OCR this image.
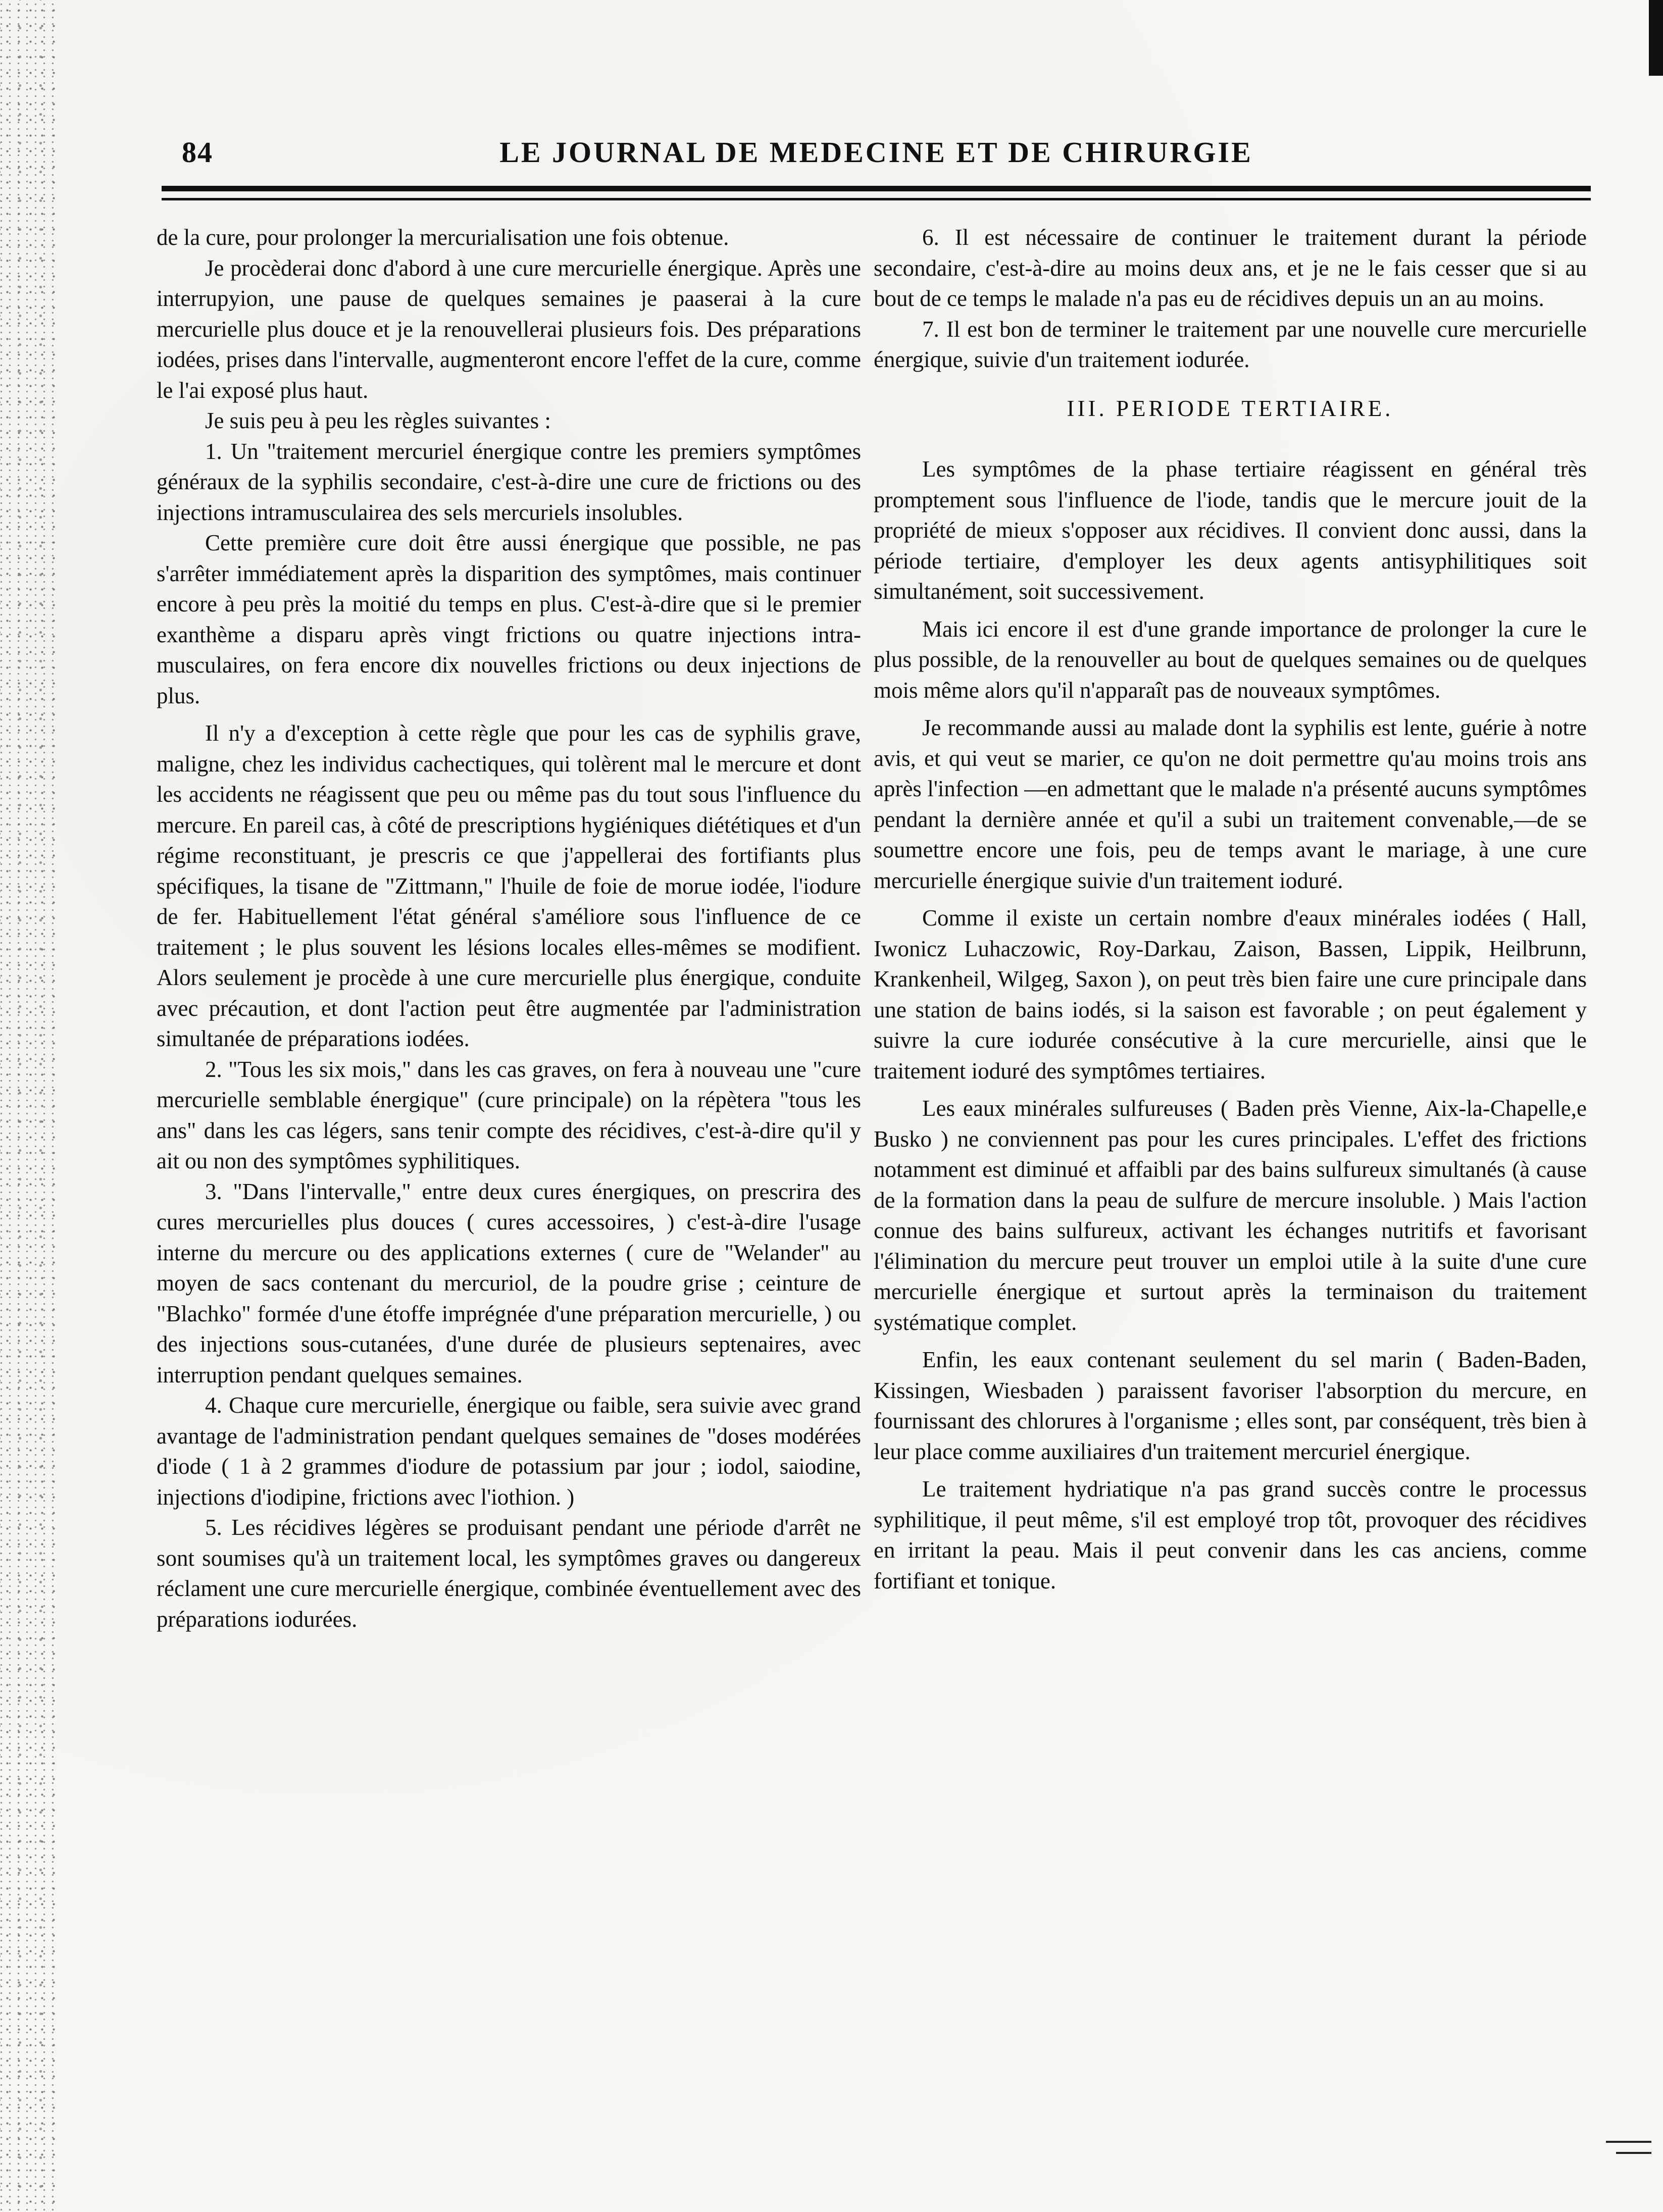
84	LE JOURNAL DE MEDECINE ET DE CHIRURGIE

de la cure, pour prolonger la mercurialisation une fois obtenue.

Je procèderai donc d'abord à une cure mercurielle énergique. Après une interrupyion, une pause de quelques semaines je paaserai à la cure mercurielle plus douce et je la renouvellerai plusieurs fois. Des préparations iodées, prises dans l'intervalle, augmenteront encore l'effet de la cure, comme le l'ai exposé plus haut.

Je suis peu à peu les règles suivantes :

1. Un "traitement mercuriel énergique contre les premiers symptômes généraux de la syphilis secondaire, c'est-à-dire une cure de frictions ou des injections intramusculairea des sels mercuriels insolubles.

Cette première cure doit être aussi énergique que possible, ne pas s'arrêter immédiatement après la disparition des symptômes, mais continuer encore à peu près la moitié du temps en plus. C'est-à-dire que si le premier exanthème a disparu après vingt frictions ou quatre injections intra-musculaires, on fera encore dix nouvelles frictions ou deux injections de plus.

Il n'y a d'exception à cette règle que pour les cas de syphilis grave, maligne, chez les individus cachectiques, qui tolèrent mal le mercure et dont les accidents ne réagissent que peu ou même pas du tout sous l'influence du mercure. En pareil cas, à côté de prescriptions hygiéniques diététiques et d'un régime reconstituant, je prescris ce que j'appellerai des fortifiants plus spécifiques, la tisane de "Zittmann," l'huile de foie de morue iodée, l'iodure de fer. Habituellement l'état général s'améliore sous l'influence de ce traitement ; le plus souvent les lésions locales elles-mêmes se modifient. Alors seulement je procède à une cure mercurielle plus énergique, conduite avec précaution, et dont l'action peut être augmentée par l'administration simultanée de préparations iodées.

2. "Tous les six mois," dans les cas graves, on fera à nouveau une "cure mercurielle semblable énergique" (cure principale) on la répètera "tous les ans" dans les cas légers, sans tenir compte des récidives, c'est-à-dire qu'il y ait ou non des symptômes syphilitiques.

3. "Dans l'intervalle," entre deux cures énergiques, on prescrira des cures mercurielles plus douces ( cures accessoires, ) c'est-à-dire l'usage interne du mercure ou des applications externes ( cure de "Welander" au moyen de sacs contenant du mercuriol, de la poudre grise ; ceinture de "Blachko" formée d'une étoffe imprégnée d'une préparation mercurielle, ) ou des injections sous-cutanées, d'une durée de plusieurs septenaires, avec interruption pendant quelques semaines.

4. Chaque cure mercurielle, énergique ou faible, sera suivie avec grand avantage de l'administration pendant quelques semaines de "doses modérées d'iode ( 1 à 2 grammes d'iodure de potassium par jour ; iodol, saiodine, injections d'iodipine, frictions avec l'iothion. )

5. Les récidives légères se produisant pendant une période d'arrêt ne sont soumises qu'à un traitement local, les symptômes graves ou dangereux réclament une cure mercurielle énergique, combinée éventuellement avec des préparations iodurées.

6. Il est nécessaire de continuer le traitement durant la période secondaire, c'est-à-dire au moins deux ans, et je ne le fais cesser que si au bout de ce temps le malade n'a pas eu de récidives depuis un an au moins.

7. Il est bon de terminer le traitement par une nouvelle cure mercurielle énergique, suivie d'un traitement iodurée.

III. PERIODE TERTIAIRE.

Les symptômes de la phase tertiaire réagissent en général très promptement sous l'influence de l'iode, tandis que le mercure jouit de la propriété de mieux s'opposer aux récidives. Il convient donc aussi, dans la période tertiaire, d'employer les deux agents antisyphilitiques soit simultanément, soit successivement.

Mais ici encore il est d'une grande importance de prolonger la cure le plus possible, de la renouveller au bout de quelques semaines ou de quelques mois même alors qu'il n'apparaît pas de nouveaux symptômes.

Je recommande aussi au malade dont la syphilis est lente, guérie à notre avis, et qui veut se marier, ce qu'on ne doit permettre qu'au moins trois ans après l'infection —en admettant que le malade n'a présenté aucuns symptômes pendant la dernière année et qu'il a subi un traitement convenable,—de se soumettre encore une fois, peu de temps avant le mariage, à une cure mercurielle énergique suivie d'un traitement ioduré.

Comme il existe un certain nombre d'eaux minérales iodées ( Hall, Iwonicz Luhaczowic, Roy-Darkau, Zaison, Bassen, Lippik, Heilbrunn, Krankenheil, Wilgeg, Saxon ), on peut très bien faire une cure principale dans une station de bains iodés, si la saison est favorable ; on peut également y suivre la cure iodurée consécutive à la cure mercurielle, ainsi que le traitement ioduré des symptômes tertiaires.

Les eaux minérales sulfureuses ( Baden près Vienne, Aix-la-Chapelle,e Busko ) ne conviennent pas pour les cures principales. L'effet des frictions notamment est diminué et affaibli par des bains sulfureux simultanés (à cause de la formation dans la peau de sulfure de mercure insoluble. ) Mais l'action connue des bains sulfureux, activant les échanges nutritifs et favorisant l'élimination du mercure peut trouver un emploi utile à la suite d'une cure mercurielle énergique et surtout après la terminaison du traitement systématique complet.

Enfin, les eaux contenant seulement du sel marin ( Baden-Baden, Kissingen, Wiesbaden ) paraissent favoriser l'absorption du mercure, en fournissant des chlorures à l'organisme ; elles sont, par conséquent, très bien à leur place comme auxiliaires d'un traitement mercuriel énergique.

Le traitement hydriatique n'a pas grand succès contre le processus syphilitique, il peut même, s'il est employé trop tôt, provoquer des récidives en irritant la peau. Mais il peut convenir dans les cas anciens, comme fortifiant et tonique.
